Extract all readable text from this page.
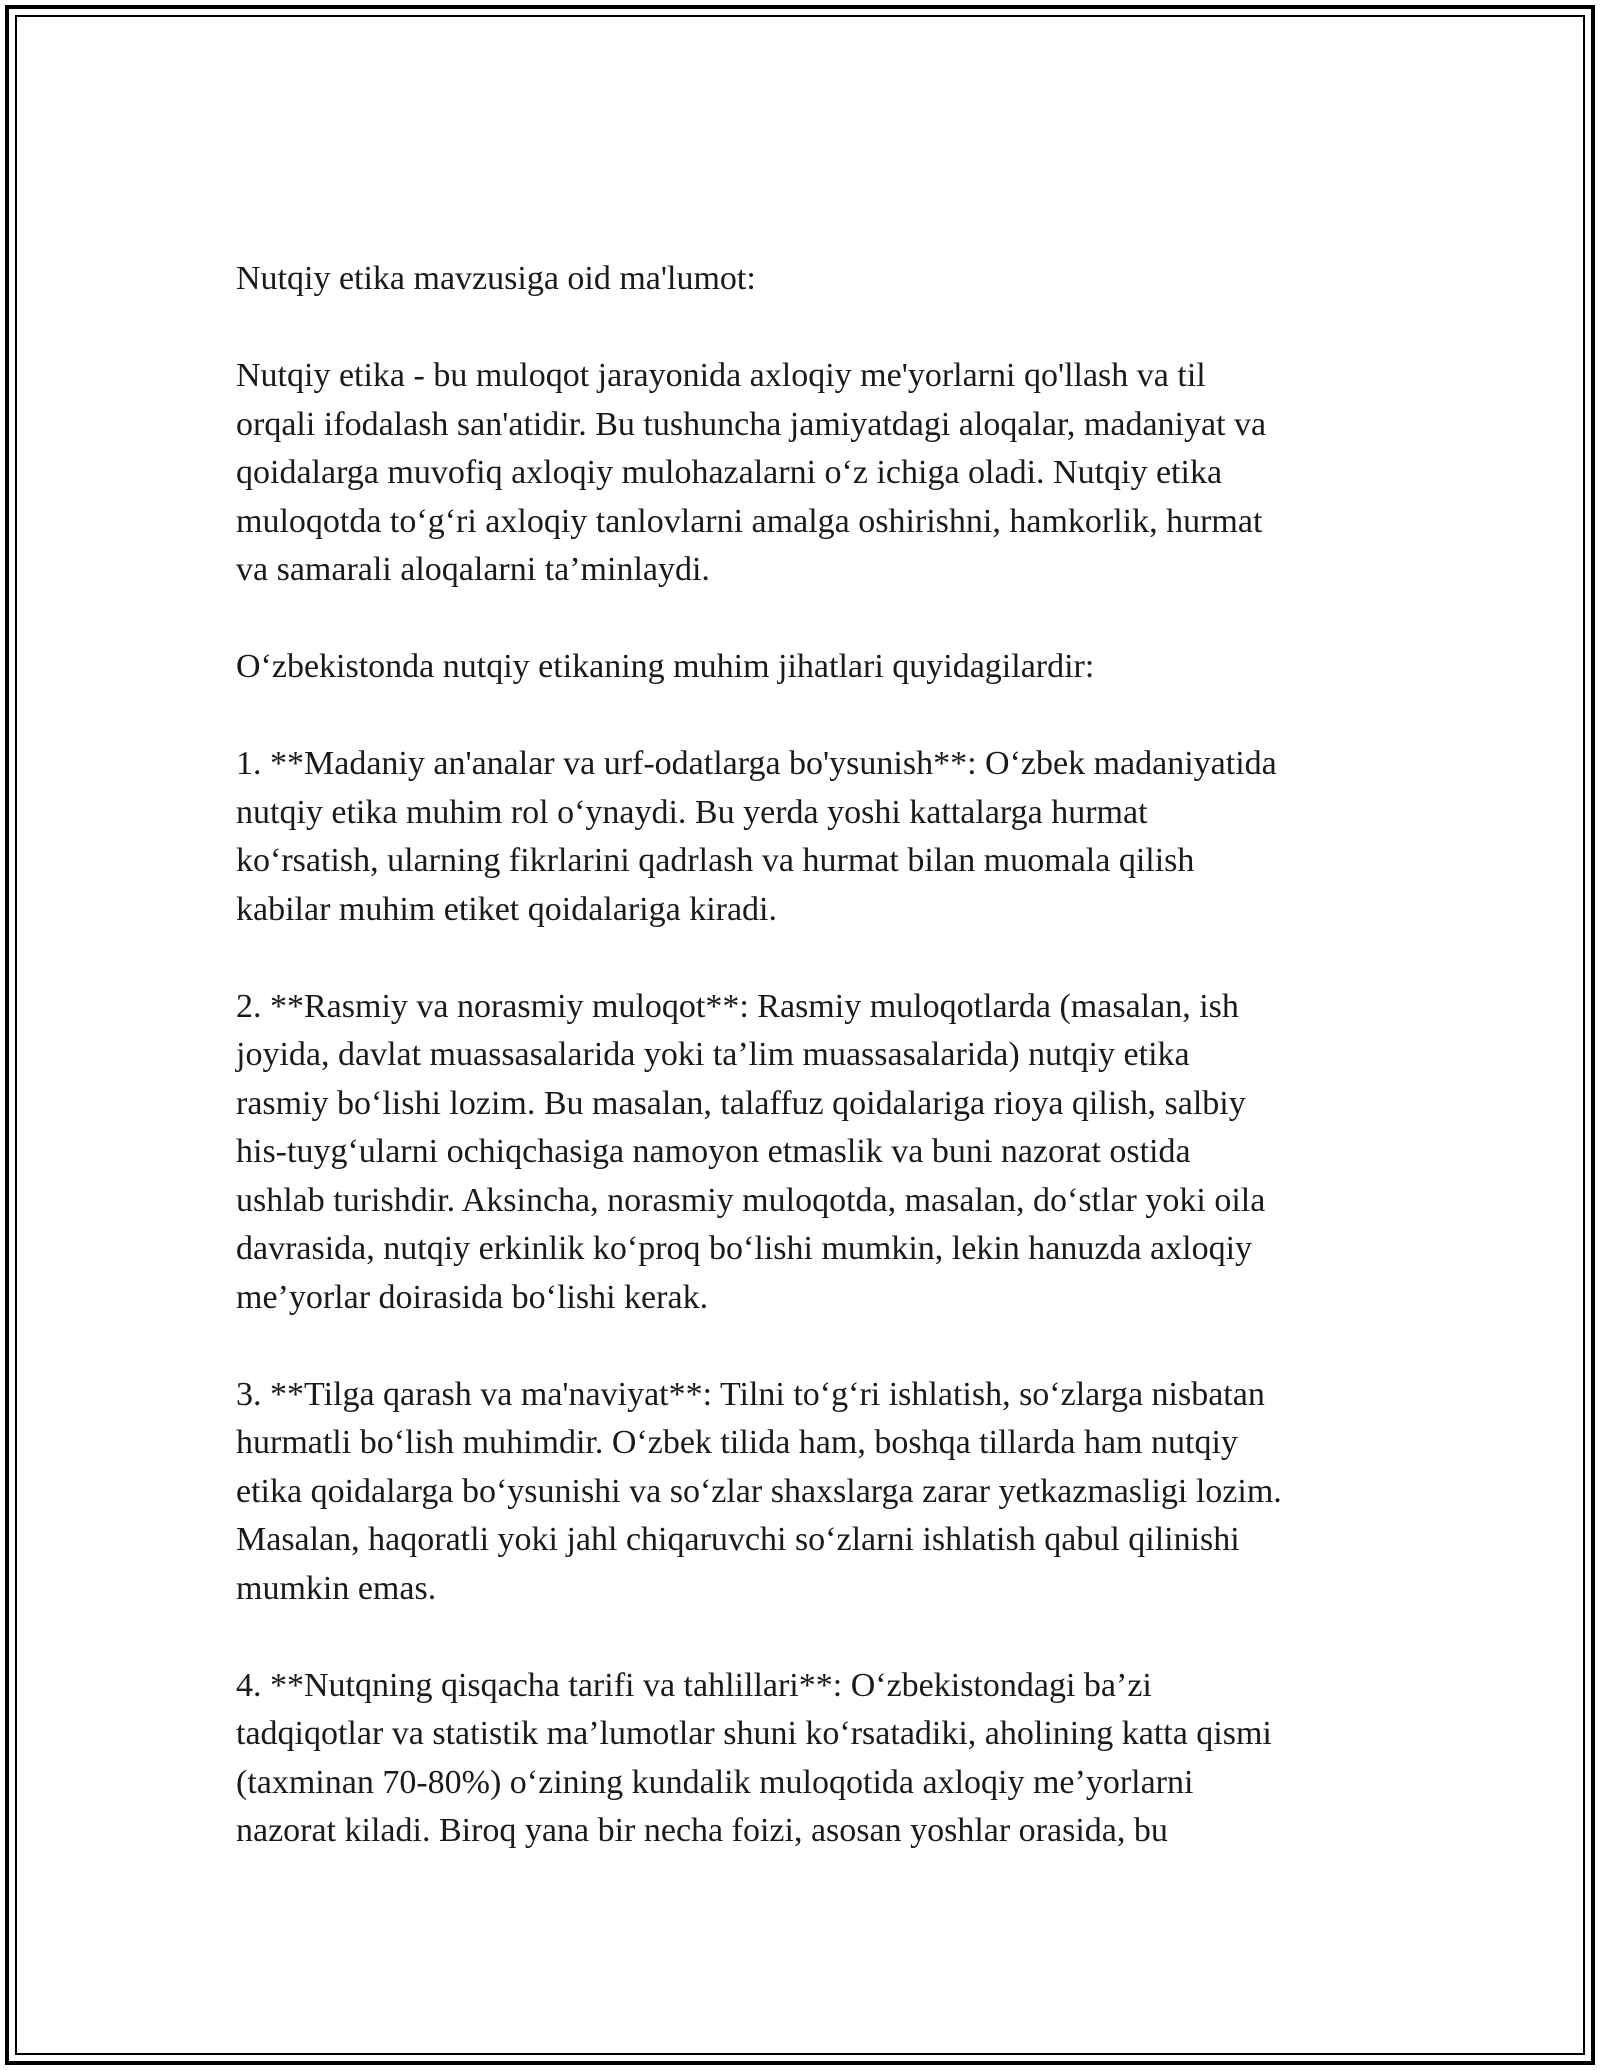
Nutqiy etika mavzusiga oid ma'lumot:

Nutqiy etika - bu muloqot jarayonida axloqiy me'yorlarni qo'llash va til
orqali ifodalash san'atidir. Bu tushuncha jamiyatdagi aloqalar, madaniyat va
qoidalarga muvofiq axloqiy mulohazalarni o‘z ichiga oladi. Nutqiy etika
muloqotda to‘g‘ri axloqiy tanlovlarni amalga oshirishni, hamkorlik, hurmat
va samarali aloqalarni ta’minlaydi.

O‘zbekistonda nutqiy etikaning muhim jihatlari quyidagilardir:

1. **Madaniy an'analar va urf-odatlarga bo'ysunish**: O‘zbek madaniyatida
nutqiy etika muhim rol o‘ynaydi. Bu yerda yoshi kattalarga hurmat
ko‘rsatish, ularning fikrlarini qadrlash va hurmat bilan muomala qilish
kabilar muhim etiket qoidalariga kiradi.

2. **Rasmiy va norasmiy muloqot**: Rasmiy muloqotlarda (masalan, ish
joyida, davlat muassasalarida yoki ta’lim muassasalarida) nutqiy etika
rasmiy bo‘lishi lozim. Bu masalan, talaffuz qoidalariga rioya qilish, salbiy
his-tuyg‘ularni ochiqchasiga namoyon etmaslik va buni nazorat ostida
ushlab turishdir. Aksincha, norasmiy muloqotda, masalan, do‘stlar yoki oila
davrasida, nutqiy erkinlik ko‘proq bo‘lishi mumkin, lekin hanuzda axloqiy
me’yorlar doirasida bo‘lishi kerak.

3. **Tilga qarash va ma'naviyat**: Tilni to‘g‘ri ishlatish, so‘zlarga nisbatan
hurmatli bo‘lish muhimdir. O‘zbek tilida ham, boshqa tillarda ham nutqiy
etika qoidalarga bo‘ysunishi va so‘zlar shaxslarga zarar yetkazmasligi lozim.
Masalan, haqoratli yoki jahl chiqaruvchi so‘zlarni ishlatish qabul qilinishi
mumkin emas.

4. **Nutqning qisqacha tarifi va tahlillari**: O‘zbekistondagi ba’zi
tadqiqotlar va statistik ma’lumotlar shuni ko‘rsatadiki, aholining katta qismi
(taxminan 70-80%) o‘zining kundalik muloqotida axloqiy me’yorlarni
nazorat kiladi. Biroq yana bir necha foizi, asosan yoshlar orasida, bu
